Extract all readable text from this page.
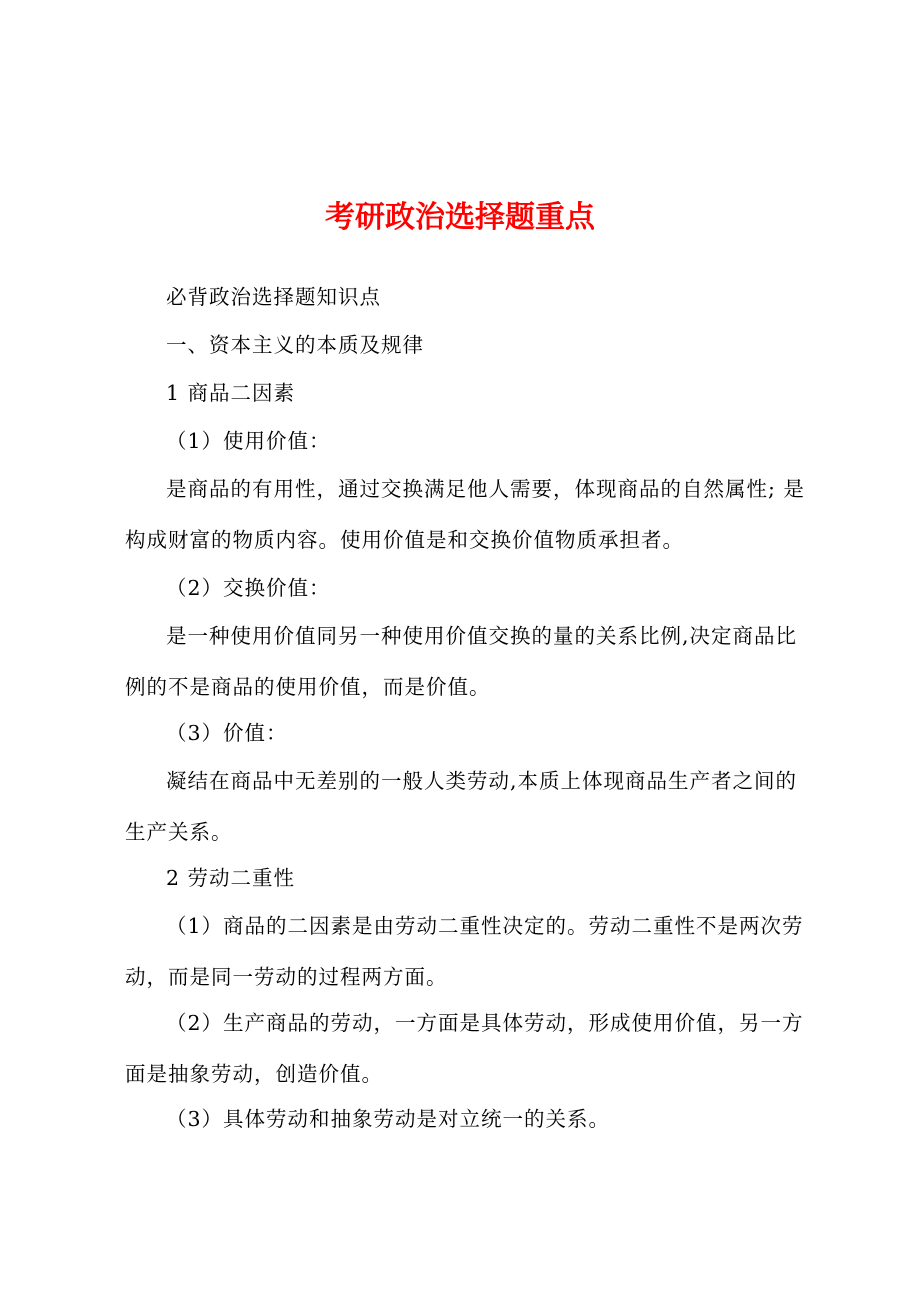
考研政治选择题重点

必背政治选择题知识点

一、资本主义的本质及规律

1 商品二因素

（1）使用价值：

是商品的有用性，通过交换满足他人需要，体现商品的自然属性; 是构成财富的物质内容。使用价值是和交换价值物质承担者。

（2）交换价值：

是一种使用价值同另一种使用价值交换的量的关系比例,决定商品比例的不是商品的使用价值，而是价值。

（3）价值：

凝结在商品中无差别的一般人类劳动,本质上体现商品生产者之间的生产关系。

2 劳动二重性

（1）商品的二因素是由劳动二重性决定的。劳动二重性不是两次劳动，而是同一劳动的过程两方面。

（2）生产商品的劳动，一方面是具体劳动，形成使用价值，另一方面是抽象劳动，创造价值。

（3）具体劳动和抽象劳动是对立统一的关系。
